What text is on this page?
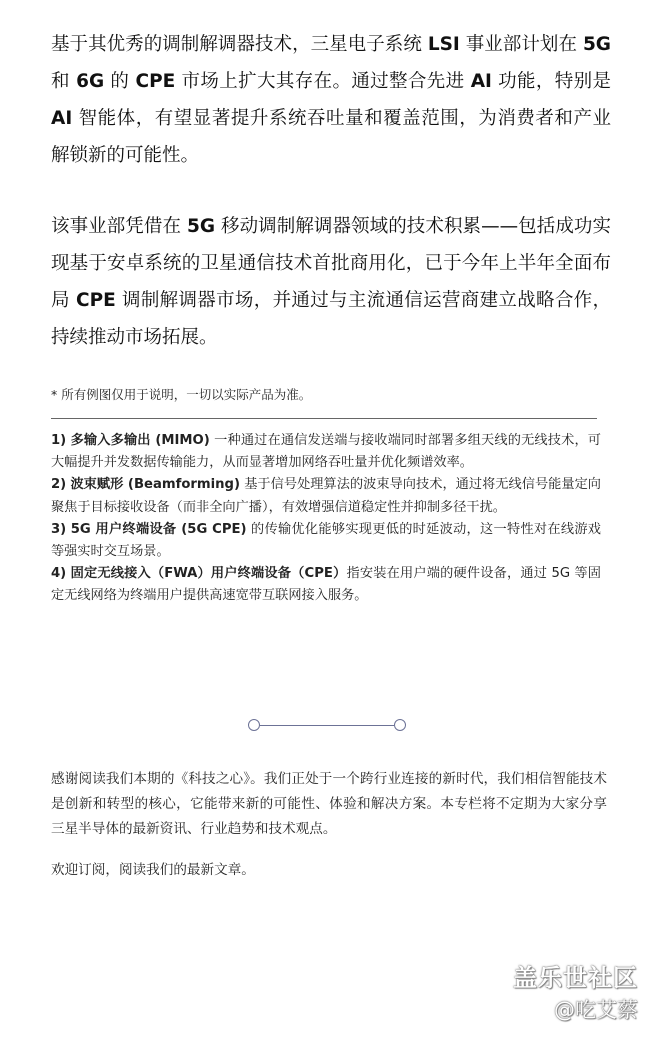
基于其优秀的调制解调器技术，三星电子系统 LSI 事业部计划在 5G 和 6G 的 CPE 市场上扩大其存在。通过整合先进 AI 功能，特别是 AI 智能体，有望显著提升系统吞吐量和覆盖范围，为消费者和产业解锁新的可能性。

该事业部凭借在 5G 移动调制解调器领域的技术积累——包括成功实现基于安卓系统的卫星通信技术首批商用化，已于今年上半年全面布局 CPE 调制解调器市场，并通过与主流通信运营商建立战略合作，持续推动市场拓展。

* 所有例图仅用于说明，一切以实际产品为准。

1) 多输入多输出 (MIMO) 一种通过在通信发送端与接收端同时部署多组天线的无线技术，可大幅提升并发数据传输能力，从而显著增加网络吞吐量并优化频谱效率。
2) 波束赋形 (Beamforming) 基于信号处理算法的波束导向技术，通过将无线信号能量定向聚焦于目标接收设备（而非全向广播），有效增强信道稳定性并抑制多径干扰。
3) 5G 用户终端设备 (5G CPE) 的传输优化能够实现更低的时延波动，这一特性对在线游戏等强实时交互场景。
4) 固定无线接入（FWA）用户终端设备（CPE）指安装在用户端的硬件设备，通过 5G 等固定无线网络为终端用户提供高速宽带互联网接入服务。

感谢阅读我们本期的《科技之心》。我们正处于一个跨行业连接的新时代，我们相信智能技术是创新和转型的核心，它能带来新的可能性、体验和解决方案。本专栏将不定期为大家分享三星半导体的最新资讯、行业趋势和技术观点。

欢迎订阅，阅读我们的最新文章。

盖乐世社区
@吃艾蔡
